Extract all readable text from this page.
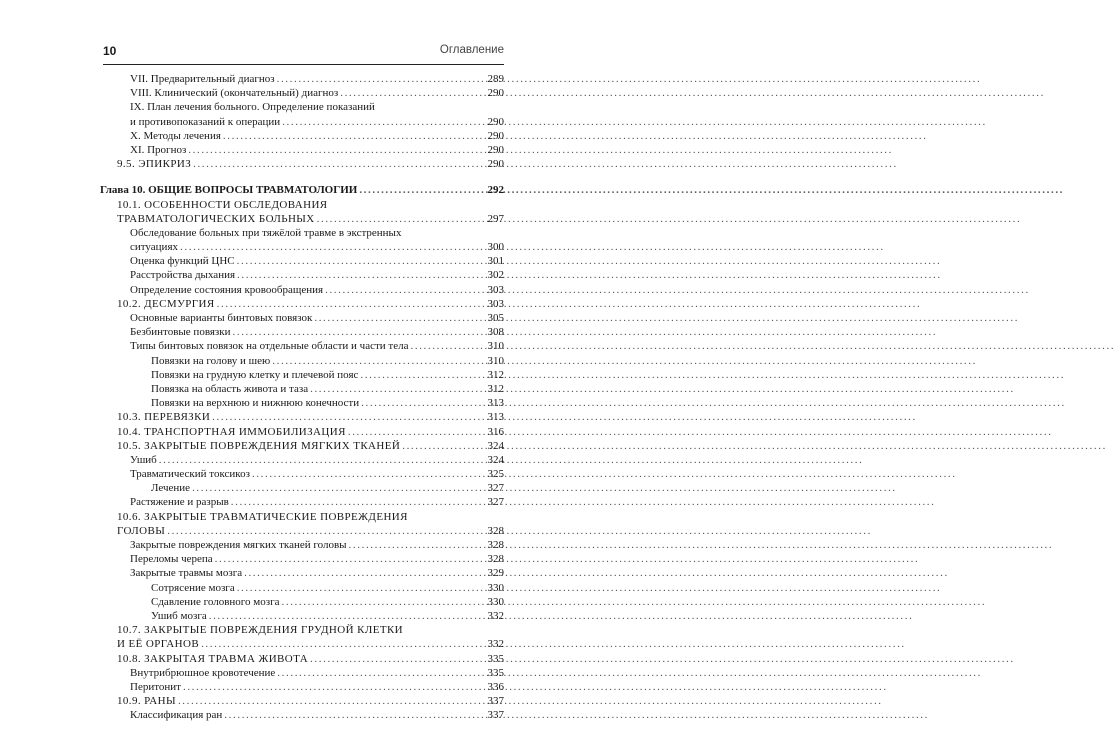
10	Оглавление
VII. Предварительный диагноз .....	289
VIII. Клинический (окончательный) диагноз .....	290
IX. План лечения больного. Определение показаний
и противопоказаний к операции .....	290
X. Методы лечения .....	290
XI. Прогноз .....	290
9.5. ЭПИКРИЗ .....	290
Глава 10. ОБЩИЕ ВОПРОСЫ ТРАВМАТОЛОГИИ .....	292
10.1. ОСОБЕННОСТИ ОБСЛЕДОВАНИЯ
ТРАВМАТОЛОГИЧЕСКИХ БОЛЬНЫХ .....	297
Обследование больных при тяжёлой травме в экстренных
ситуациях .....	300
Оценка функций ЦНС .....	301
Расстройства дыхания .....	302
Определение состояния кровообращения .....	303
10.2. ДЕСМУРГИЯ .....	303
Основные варианты бинтовых повязок .....	305
Безбинтовые повязки .....	308
Типы бинтовых повязок на отдельные области и части тела .....	310
Повязки на голову и шею .....	310
Повязки на грудную клетку и плечевой пояс .....	312
Повязка на область живота и таза .....	312
Повязки на верхнюю и нижнюю конечности .....	313
10.3. ПЕРЕВЯЗКИ .....	313
10.4. ТРАНСПОРТНАЯ ИММОБИЛИЗАЦИЯ .....	316
10.5. ЗАКРЫТЫЕ ПОВРЕЖДЕНИЯ МЯГКИХ ТКАНЕЙ .....	324
Ушиб .....	324
Травматический токсикоз .....	325
Лечение .....	327
Растяжение и разрыв .....	327
10.6. ЗАКРЫТЫЕ ТРАВМАТИЧЕСКИЕ ПОВРЕЖДЕНИЯ
ГОЛОВЫ .....	328
Закрытые повреждения мягких тканей головы .....	328
Переломы черепа .....	328
Закрытые травмы мозга .....	329
Сотрясение мозга .....	330
Сдавление головного мозга .....	330
Ушиб мозга .....	332
10.7. ЗАКРЫТЫЕ ПОВРЕЖДЕНИЯ ГРУДНОЙ КЛЕТКИ
И ЕЁ ОРГАНОВ .....	332
10.8. ЗАКРЫТАЯ ТРАВМА ЖИВОТА .....	335
Внутрибрюшное кровотечение .....	335
Перитонит .....	336
10.9. РАНЫ .....	337
Классификация ран .....	337
